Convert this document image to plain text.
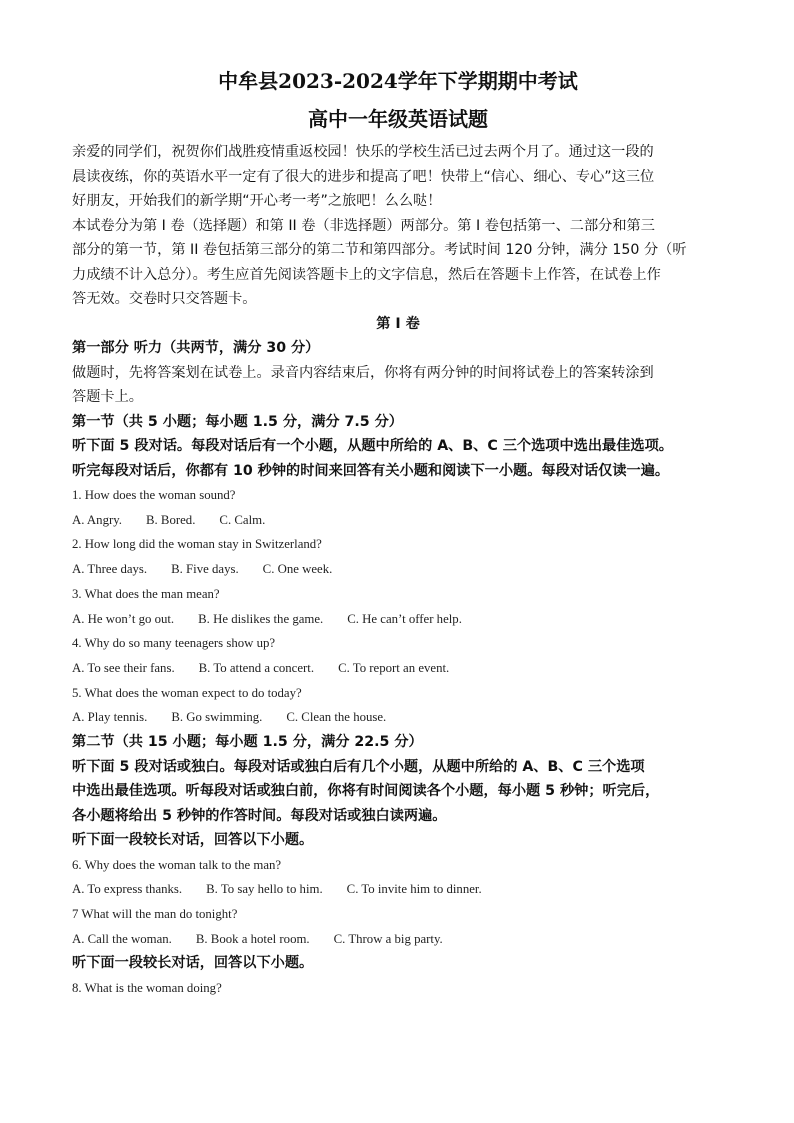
中牟县2023-2024学年下学期期中考试
高中一年级英语试题

亲爱的同学们，祝贺你们战胜疫情重返校园！快乐的学校生活已过去两个月了。通过这一段的

晨读夜练，你的英语水平一定有了很大的进步和提高了吧！快带上“信心、细心、专心”这三位

好朋友，开始我们的新学期“开心考一考”之旅吧！么么哒！

本试卷分为第 I 卷（选择题）和第 II 卷（非选择题）两部分。第 I 卷包括第一、二部分和第三

部分的第一节，第 II 卷包括第三部分的第二节和第四部分。考试时间 120 分钟，满分 150 分（听

力成绩不计入总分）。考生应首先阅读答题卡上的文字信息，然后在答题卡上作答，在试卷上作

答无效。交卷时只交答题卡。

第 I 卷

第一部分 听力（共两节，满分 30 分）

做题时，先将答案划在试卷上。录音内容结束后，你将有两分钟的时间将试卷上的答案转涂到

答题卡上。

第一节（共 5 小题；每小题 1.5 分，满分 7.5 分）

听下面 5 段对话。每段对话后有一个小题，从题中所给的 A、B、C 三个选项中选出最佳选项。

听完每段对话后，你都有 10 秒钟的时间来回答有关小题和阅读下一小题。每段对话仅读一遍。

1. How does the woman sound?

A. Angry. B. Bored. C. Calm.

2. How long did the woman stay in Switzerland?

A. Three days. B. Five days. C. One week.

3. What does the man mean?

A. He won’t go out. B. He dislikes the game. C. He can’t offer help.

4. Why do so many teenagers show up?

A. To see their fans. B. To attend a concert. C. To report an event.

5. What does the woman expect to do today?

A. Play tennis. B. Go swimming. C. Clean the house.

第二节（共 15 小题；每小题 1.5 分，满分 22.5 分）

听下面 5 段对话或独白。每段对话或独白后有几个小题，从题中所给的 A、B、C 三个选项

中选出最佳选项。听每段对话或独白前，你将有时间阅读各个小题，每小题 5 秒钟；听完后，

各小题将给出 5 秒钟的作答时间。每段对话或独白读两遍。

听下面一段较长对话，回答以下小题。

6. Why does the woman talk to the man?

A. To express thanks. B. To say hello to him. C. To invite him to dinner.

7 What will the man do tonight?

A. Call the woman. B. Book a hotel room. C. Throw a big party.

听下面一段较长对话，回答以下小题。

8. What is the woman doing?
